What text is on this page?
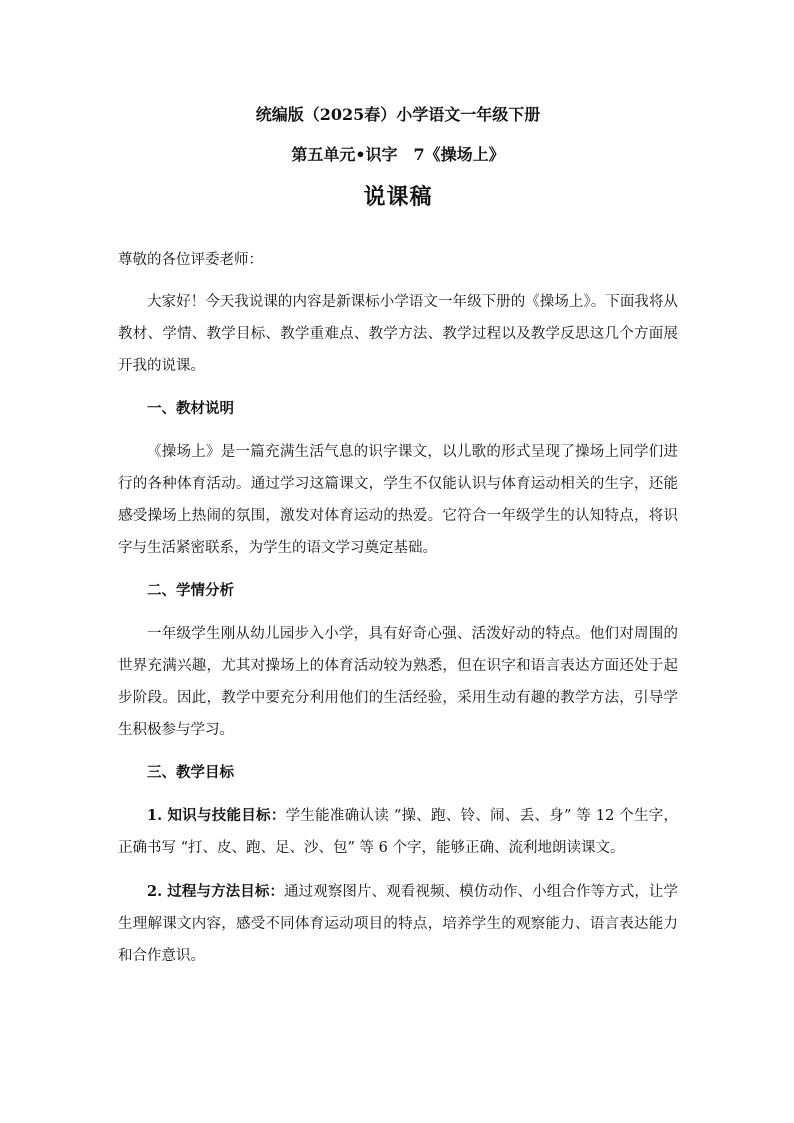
统编版（2025春）小学语文一年级下册
第五单元•识字　7《操场上》
说课稿
尊敬的各位评委老师：

大家好！今天我说课的内容是新课标小学语文一年级下册的《操场上》。下面我将从教材、学情、教学目标、教学重难点、教学方法、教学过程以及教学反思这几个方面展开我的说课。

一、教材说明

《操场上》是一篇充满生活气息的识字课文，以儿歌的形式呈现了操场上同学们进行的各种体育活动。通过学习这篇课文，学生不仅能认识与体育运动相关的生字，还能感受操场上热闹的氛围，激发对体育运动的热爱。它符合一年级学生的认知特点，将识字与生活紧密联系，为学生的语文学习奠定基础。

二、学情分析

一年级学生刚从幼儿园步入小学，具有好奇心强、活泼好动的特点。他们对周围的世界充满兴趣，尤其对操场上的体育活动较为熟悉，但在识字和语言表达方面还处于起步阶段。因此，教学中要充分利用他们的生活经验，采用生动有趣的教学方法，引导学生积极参与学习。

三、教学目标

1. 知识与技能目标：学生能准确认读 “操、跑、铃、闹、丢、身” 等 12 个生字，正确书写 “打、皮、跑、足、沙、包” 等 6 个字，能够正确、流利地朗读课文。

2. 过程与方法目标：通过观察图片、观看视频、模仿动作、小组合作等方式，让学生理解课文内容，感受不同体育运动项目的特点，培养学生的观察能力、语言表达能力和合作意识。
